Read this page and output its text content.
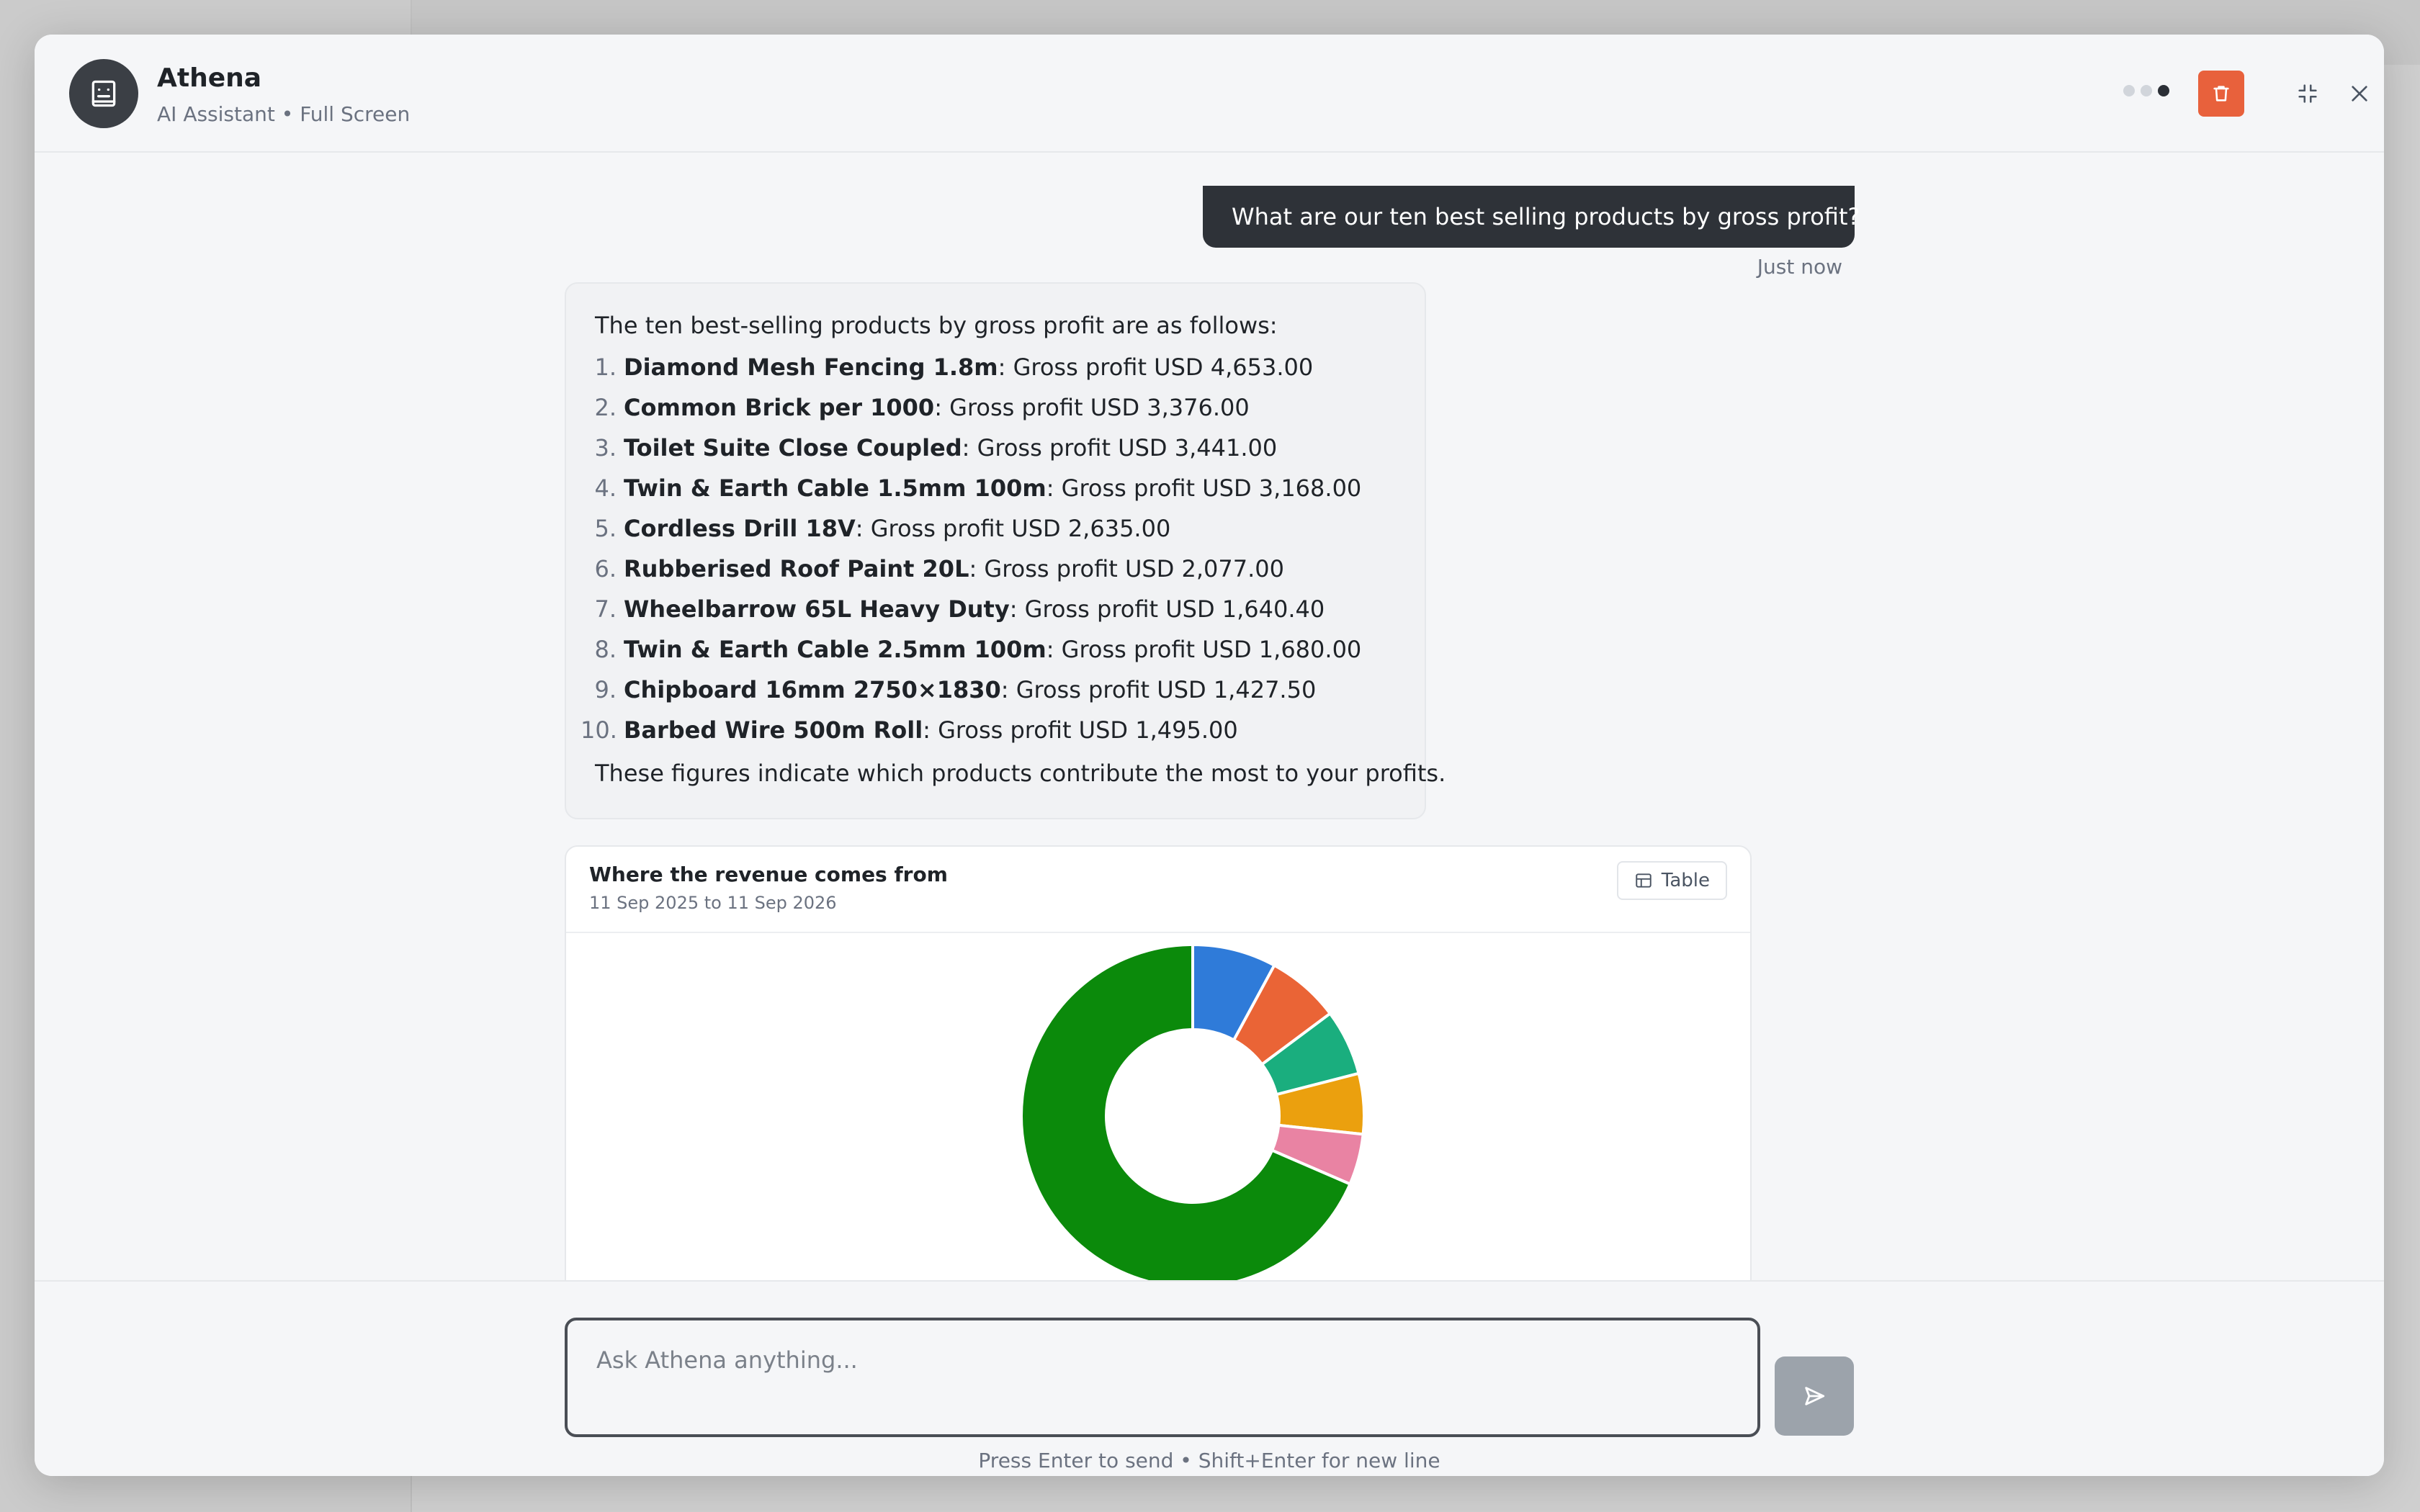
Athena
AI Assistant • Full Screen
What are our ten best selling products by gross profit?
Just now

The ten best-selling products by gross profit are as follows:

1. Diamond Mesh Fencing 1.8m: Gross profit USD 4,653.00
2. Common Brick per 1000: Gross profit USD 3,376.00
3. Toilet Suite Close Coupled: Gross profit USD 3,441.00
4. Twin & Earth Cable 1.5mm 100m: Gross profit USD 3,168.00
5. Cordless Drill 18V: Gross profit USD 2,635.00
6. Rubberised Roof Paint 20L: Gross profit USD 2,077.00
7. Wheelbarrow 65L Heavy Duty: Gross profit USD 1,640.40
8. Twin & Earth Cable 2.5mm 100m: Gross profit USD 1,680.00
9. Chipboard 16mm 2750×1830: Gross profit USD 1,427.50
10. Barbed Wire 500m Roll: Gross profit USD 1,495.00

These figures indicate which products contribute the most to your profits.

Where the revenue comes from
11 Sep 2025 to 11 Sep 2026
Table
Ask Athena anything...
Press Enter to send • Shift+Enter for new line
